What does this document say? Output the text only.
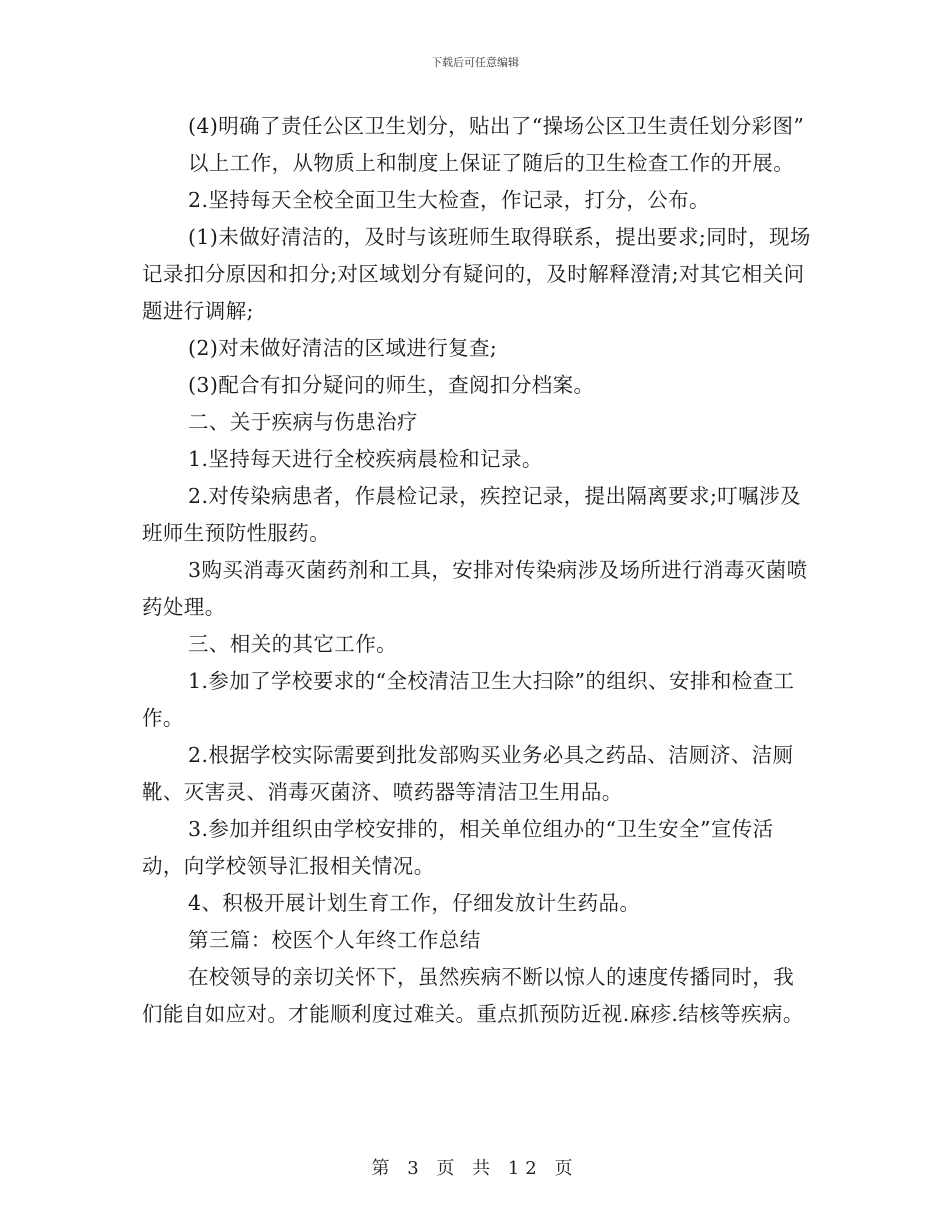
下载后可任意编辑

(4)明确了责任公区卫生划分，贴出了“操场公区卫生责任划分彩图”

以上工作，从物质上和制度上保证了随后的卫生检查工作的开展。

2.坚持每天全校全面卫生大检查，作记录，打分，公布。

(1)未做好清洁的，及时与该班师生取得联系，提出要求;同时，现场记录扣分原因和扣分;对区域划分有疑问的，及时解释澄清;对其它相关问题进行调解;

(2)对未做好清洁的区域进行复查;

(3)配合有扣分疑问的师生，查阅扣分档案。

二、关于疾病与伤患治疗

1.坚持每天进行全校疾病晨检和记录。

2.对传染病患者，作晨检记录，疾控记录，提出隔离要求;叮嘱涉及班师生预防性服药。

3购买消毒灭菌药剂和工具，安排对传染病涉及场所进行消毒灭菌喷药处理。

三、相关的其它工作。

1.参加了学校要求的“全校清洁卫生大扫除”的组织、安排和检查工作。

2.根据学校实际需要到批发部购买业务必具之药品、洁厕济、洁厕靴、灭害灵、消毒灭菌济、喷药器等清洁卫生用品。

3.参加并组织由学校安排的，相关单位组办的“卫生安全”宣传活动，向学校领导汇报相关情况。

4、积极开展计划生育工作，仔细发放计生药品。

第三篇：校医个人年终工作总结

在校领导的亲切关怀下，虽然疾病不断以惊人的速度传播同时，我们能自如应对。才能顺利度过难关。重点抓预防近视.麻疹.结核等疾病。

第 3 页 共 12 页
